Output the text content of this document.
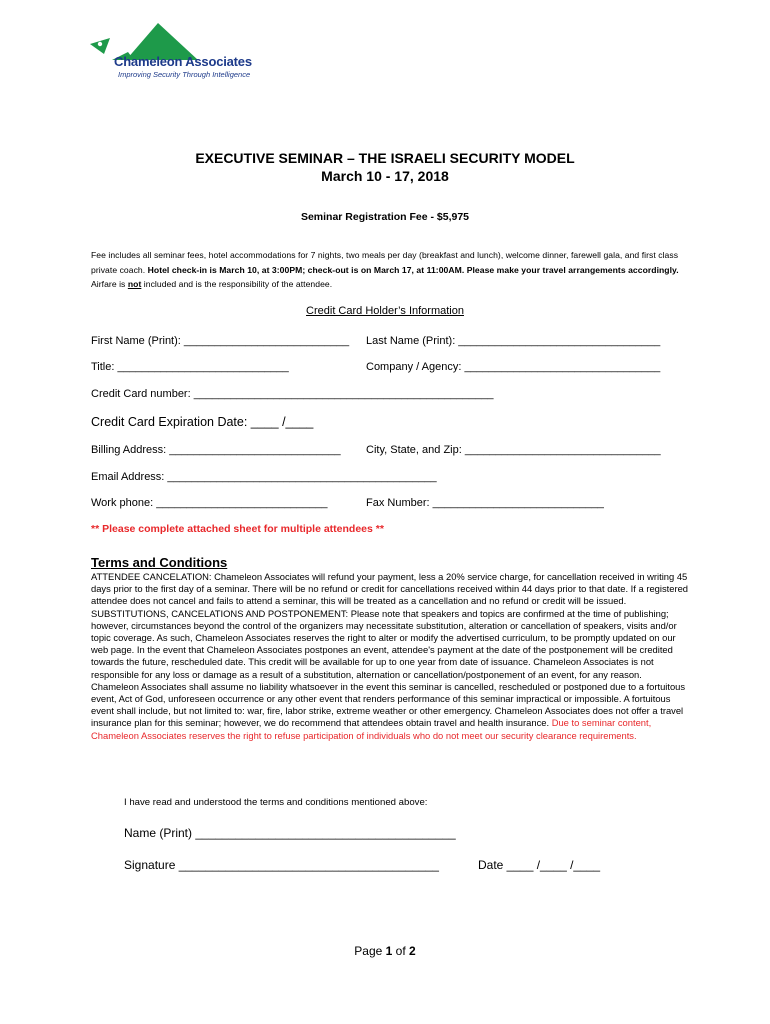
Chameleon Associates
Improving Security Through Intelligence
EXECUTIVE SEMINAR – THE ISRAELI SECURITY MODEL
March 10 - 17, 2018
Seminar Registration Fee - $5,975
Fee includes all seminar fees, hotel accommodations for 7 nights, two meals per day (breakfast and lunch), welcome dinner, farewell gala, and first class private coach. Hotel check-in is March 10, at 3:00PM; check-out is on March 17, at 11:00AM. Please make your travel arrangements accordingly. Airfare is not included and is the responsibility of the attendee.
Credit Card Holder’s Information
First Name (Print): ___________________________ Last Name (Print): _________________________________
Title: ____________________________	Company / Agency: ________________________________
Credit Card number: _________________________________________________
Credit Card Expiration Date: ____ /____
Billing Address: ____________________________ City, State, and Zip: ________________________________
Email Address: ____________________________________________
Work phone: ____________________________	Fax Number: ____________________________
** Please complete attached sheet for multiple attendees **
Terms and Conditions
ATTENDEE CANCELATION: Chameleon Associates will refund your payment, less a 20% service charge, for cancellation received in writing 45 days prior to the first day of a seminar. There will be no refund or credit for cancellations received within 44 days prior to that date. If a registered attendee does not cancel and fails to attend a seminar, this will be treated as a cancellation and no refund or credit will be issued. SUBSTITUTIONS, CANCELATIONS AND POSTPONEMENT: Please note that speakers and topics are confirmed at the time of publishing; however, circumstances beyond the control of the organizers may necessitate substitution, alteration or cancellation of speakers, visits and/or topic coverage. As such, Chameleon Associates reserves the right to alter or modify the advertised curriculum, to be promptly updated on our web page. In the event that Chameleon Associates postpones an event, attendee's payment at the date of the postponement will be credited towards the future, rescheduled date. This credit will be available for up to one year from date of issuance. Chameleon Associates is not responsible for any loss or damage as a result of a substitution, alternation or cancellation/postponement of an event, for any reason. Chameleon Associates shall assume no liability whatsoever in the event this seminar is cancelled, rescheduled or postponed due to a fortuitous event, Act of God, unforeseen occurrence or any other event that renders performance of this seminar impractical or impossible. A fortuitous event shall include, but not limited to: war, fire, labor strike, extreme weather or other emergency. Chameleon Associates does not offer a travel insurance plan for this seminar; however, we do recommend that attendees obtain travel and health insurance. Due to seminar content, Chameleon Associates reserves the right to refuse participation of individuals who do not meet our security clearance requirements.
I have read and understood the terms and conditions mentioned above:
Name (Print) _______________________________________
Signature _______________________________________	Date ____ /____ /____
Page 1 of 2
